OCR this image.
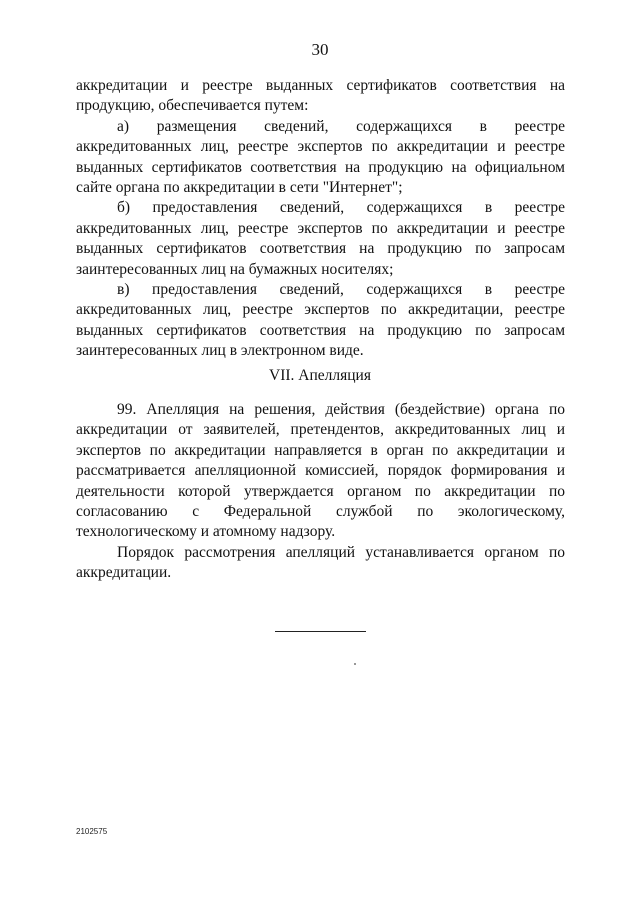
30

аккредитации и реестре выданных сертификатов соответствия на продукцию, обеспечивается путем:

а) размещения сведений, содержащихся в реестре аккредитованных лиц, реестре экспертов по аккредитации и реестре выданных сертификатов соответствия на продукцию на официальном сайте органа по аккредитации в сети "Интернет";

б) предоставления сведений, содержащихся в реестре аккредитованных лиц, реестре экспертов по аккредитации и реестре выданных сертификатов соответствия на продукцию по запросам заинтересованных лиц на бумажных носителях;

в) предоставления сведений, содержащихся в реестре аккредитованных лиц, реестре экспертов по аккредитации, реестре выданных сертификатов соответствия на продукцию по запросам заинтересованных лиц в электронном виде.

VII. Апелляция

99. Апелляция на решения, действия (бездействие) органа по аккредитации от заявителей, претендентов, аккредитованных лиц и экспертов по аккредитации направляется в орган по аккредитации и рассматривается апелляционной комиссией, порядок формирования и деятельности которой утверждается органом по аккредитации по согласованию с Федеральной службой по экологическому, технологическому и атомному надзору.

Порядок рассмотрения апелляций устанавливается органом по аккредитации.

2102575
